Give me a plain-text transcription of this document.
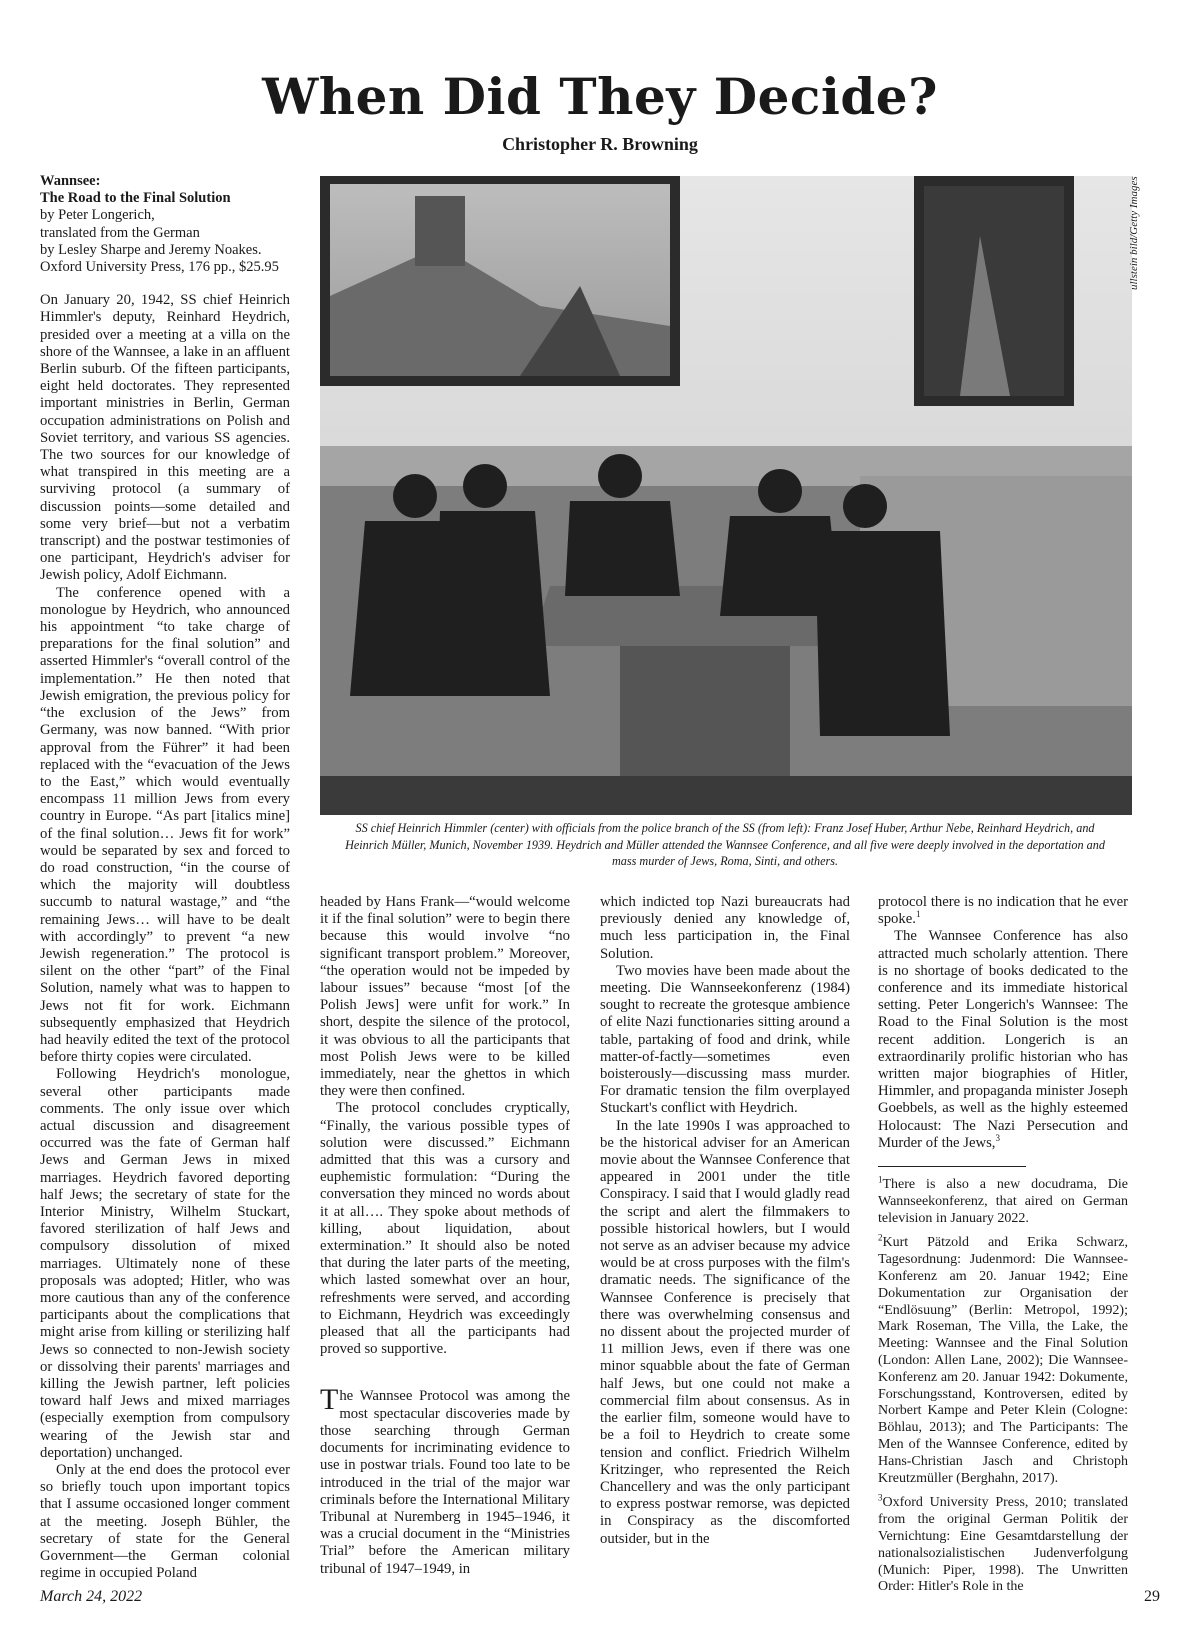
When Did They Decide?
Christopher R. Browning
Wannsee:
The Road to the Final Solution
by Peter Longerich,
translated from the German
by Lesley Sharpe and Jeremy Noakes.
Oxford University Press, 176 pp., $25.95

On January 20, 1942, SS chief Heinrich Himmler's deputy, Reinhard Heydrich, presided over a meeting at a villa on the shore of the Wannsee, a lake in an affluent Berlin suburb. Of the fifteen participants, eight held doctorates. They represented important ministries in Berlin, German occupation administrations on Polish and Soviet territory, and various SS agencies. The two sources for our knowledge of what transpired in this meeting are a surviving protocol (a summary of discussion points—some detailed and some very brief—but not a verbatim transcript) and the postwar testimonies of one participant, Heydrich's adviser for Jewish policy, Adolf Eichmann.

The conference opened with a monologue by Heydrich, who announced his appointment “to take charge of preparations for the final solution” and asserted Himmler's “overall control of the implementation.” He then noted that Jewish emigration, the previous policy for “the exclusion of the Jews” from Germany, was now banned. “With prior approval from the Führer” it had been replaced with the “evacuation of the Jews to the East,” which would eventually encompass 11 million Jews from every country in Europe. “As part [italics mine] of the final solution… Jews fit for work” would be separated by sex and forced to do road construction, “in the course of which the majority will doubtless succumb to natural wastage,” and “the remaining Jews… will have to be dealt with accordingly” to prevent “a new Jewish regeneration.” The protocol is silent on the other “part” of the Final Solution, namely what was to happen to Jews not fit for work. Eichmann subsequently emphasized that Heydrich had heavily edited the text of the protocol before thirty copies were circulated.

Following Heydrich's monologue, several other participants made comments. The only issue over which actual discussion and disagreement occurred was the fate of German half Jews and German Jews in mixed marriages. Heydrich favored deporting half Jews; the secretary of state for the Interior Ministry, Wilhelm Stuckart, favored sterilization of half Jews and compulsory dissolution of mixed marriages. Ultimately none of these proposals was adopted; Hitler, who was more cautious than any of the conference participants about the complications that might arise from killing or sterilizing half Jews so connected to non-Jewish society or dissolving their parents' marriages and killing the Jewish partner, left policies toward half Jews and mixed marriages (especially exemption from compulsory wearing of the Jewish star and deportation) unchanged.

Only at the end does the protocol ever so briefly touch upon important topics that I assume occasioned longer comment at the meeting. Joseph Bühler, the secretary of state for the General Government—the German colonial regime in occupied Poland

ullstein bild/Getty Images

SS chief Heinrich Himmler (center) with officials from the police branch of the SS (from left): Franz Josef Huber, Arthur Nebe, Reinhard Heydrich, and Heinrich Müller, Munich, November 1939. Heydrich and Müller attended the Wannsee Conference, and all five were deeply involved in the deportation and mass murder of Jews, Roma, Sinti, and others.

headed by Hans Frank—“would welcome it if the final solution” were to begin there because this would involve “no significant transport problem.” Moreover, “the operation would not be impeded by labour issues” because “most [of the Polish Jews] were unfit for work.” In short, despite the silence of the protocol, it was obvious to all the participants that most Polish Jews were to be killed immediately, near the ghettos in which they were then confined.

The protocol concludes cryptically, “Finally, the various possible types of solution were discussed.” Eichmann admitted that this was a cursory and euphemistic formulation: “During the conversation they minced no words about it at all…. They spoke about methods of killing, about liquidation, about extermination.” It should also be noted that during the later parts of the meeting, which lasted somewhat over an hour, refreshments were served, and according to Eichmann, Heydrich was exceedingly pleased that all the participants had proved so supportive.

The Wannsee Protocol was among the most spectacular discoveries made by those searching through German documents for incriminating evidence to use in postwar trials. Found too late to be introduced in the trial of the major war criminals before the International Military Tribunal at Nuremberg in 1945–1946, it was a crucial document in the “Ministries Trial” before the American military tribunal of 1947–1949, in

which indicted top Nazi bureaucrats had previously denied any knowledge of, much less participation in, the Final Solution.

Two movies have been made about the meeting. Die Wannseekonferenz (1984) sought to recreate the grotesque ambience of elite Nazi functionaries sitting around a table, partaking of food and drink, while matter-of-factly—sometimes even boisterously—discussing mass murder. For dramatic tension the film overplayed Stuckart's conflict with Heydrich.

In the late 1990s I was approached to be the historical adviser for an American movie about the Wannsee Conference that appeared in 2001 under the title Conspiracy. I said that I would gladly read the script and alert the filmmakers to possible historical howlers, but I would not serve as an adviser because my advice would be at cross purposes with the film's dramatic needs. The significance of the Wannsee Conference is precisely that there was overwhelming consensus and no dissent about the projected murder of 11 million Jews, even if there was one minor squabble about the fate of German half Jews, but one could not make a commercial film about consensus. As in the earlier film, someone would have to be a foil to Heydrich to create some tension and conflict. Friedrich Wilhelm Kritzinger, who represented the Reich Chancellery and was the only participant to express postwar remorse, was depicted in Conspiracy as the discomforted outsider, but in the

protocol there is no indication that he ever spoke.$^1$

The Wannsee Conference has also attracted much scholarly attention. There is no shortage of books dedicated to the conference and its immediate historical setting. Peter Longerich's Wannsee: The Road to the Final Solution is the most recent addition. Longerich is an extraordinarily prolific historian who has written major biographies of Hitler, Himmler, and propaganda minister Joseph Goebbels, as well as the highly esteemed Holocaust: The Nazi Persecution and Murder of the Jews,$^3$

$^1$There is also a new docudrama, Die Wannseekonferenz, that aired on German television in January 2022.

$^2$Kurt Pätzold and Erika Schwarz, Tagesordnung: Judenmord: Die Wannsee-Konferenz am 20. Januar 1942; Eine Dokumentation zur Organisation der “Endlösuung” (Berlin: Metropol, 1992); Mark Roseman, The Villa, the Lake, the Meeting: Wannsee and the Final Solution (London: Allen Lane, 2002); Die Wannsee-Konferenz am 20. Januar 1942: Dokumente, Forschungsstand, Kontroversen, edited by Norbert Kampe and Peter Klein (Cologne: Böhlau, 2013); and The Participants: The Men of the Wannsee Conference, edited by Hans-Christian Jasch and Christoph Kreutzmüller (Berghahn, 2017).

$^3$Oxford University Press, 2010; translated from the original German Politik der Vernichtung: Eine Gesamtdarstellung der nationalsozialistischen Judenverfolgung (Munich: Piper, 1998). The Unwritten Order: Hitler's Role in the

March 24, 2022	29
